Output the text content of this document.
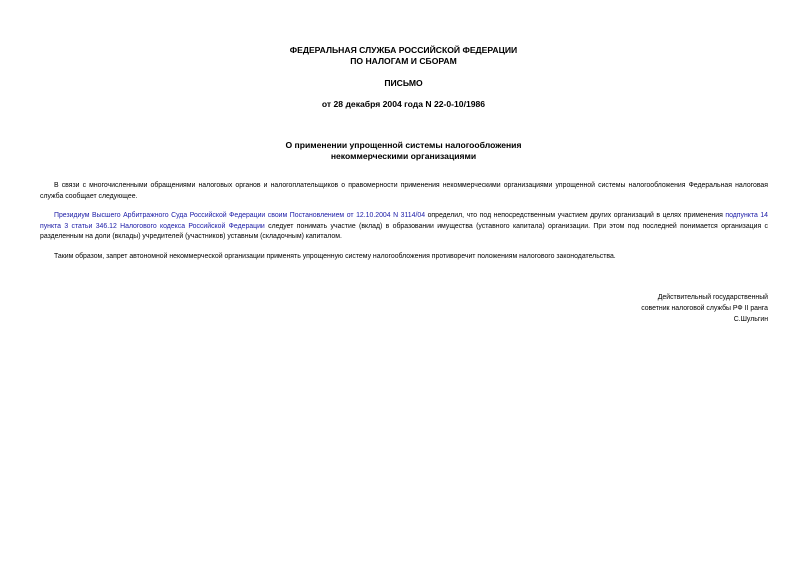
ФЕДЕРАЛЬНАЯ СЛУЖБА РОССИЙСКОЙ ФЕДЕРАЦИИ
ПО НАЛОГАМ И СБОРАМ
ПИСЬМО
от 28 декабря 2004 года N 22-0-10/1986
О применении упрощенной системы налогообложения
некоммерческими организациями
В связи с многочисленными обращениями налоговых органов и налогоплательщиков о правомерности применения некоммерческими организациями упрощенной системы налогообложения Федеральная налоговая служба сообщает следующее.
Президиум Высшего Арбитражного Суда Российской Федерации своим Постановлением от 12.10.2004 N 3114/04 определил, что под непосредственным участием других организаций в целях применения подпункта 14 пункта 3 статьи 346.12 Налогового кодекса Российской Федерации следует понимать участие (вклад) в образовании имущества (уставного капитала) организации. При этом под последней понимается организация с разделенным на доли (вклады) учредителей (участников) уставным (складочным) капиталом.
Таким образом, запрет автономной некоммерческой организации применять упрощенную систему налогообложения противоречит положениям налогового законодательства.
Действительный государственный
советник налоговой службы РФ II ранга
С.Шульгин
